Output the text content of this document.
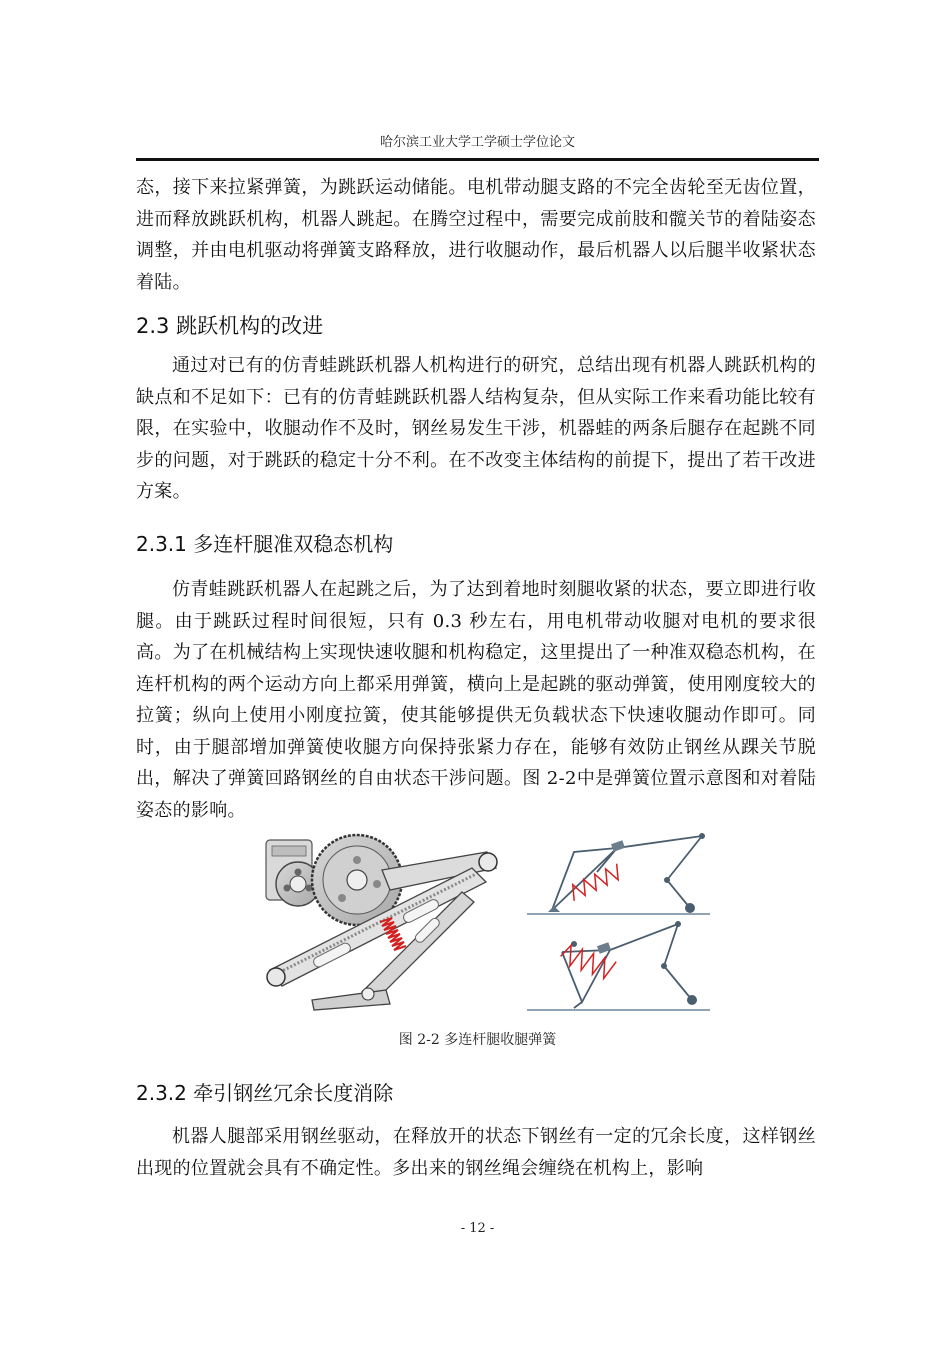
哈尔滨工业大学工学硕士学位论文

态，接下来拉紧弹簧，为跳跃运动储能。电机带动腿支路的不完全齿轮至无齿位置，进而释放跳跃机构，机器人跳起。在腾空过程中，需要完成前肢和髋关节的着陆姿态调整，并由电机驱动将弹簧支路释放，进行收腿动作，最后机器人以后腿半收紧状态着陆。

2.3 跳跃机构的改进

通过对已有的仿青蛙跳跃机器人机构进行的研究，总结出现有机器人跳跃机构的缺点和不足如下：已有的仿青蛙跳跃机器人结构复杂，但从实际工作来看功能比较有限，在实验中，收腿动作不及时，钢丝易发生干涉，机器蛙的两条后腿存在起跳不同步的问题，对于跳跃的稳定十分不利。在不改变主体结构的前提下，提出了若干改进方案。

2.3.1 多连杆腿准双稳态机构

仿青蛙跳跃机器人在起跳之后，为了达到着地时刻腿收紧的状态，要立即进行收腿。由于跳跃过程时间很短，只有 0.3 秒左右，用电机带动收腿对电机的要求很高。为了在机械结构上实现快速收腿和机构稳定，这里提出了一种准双稳态机构，在连杆机构的两个运动方向上都采用弹簧，横向上是起跳的驱动弹簧，使用刚度较大的拉簧；纵向上使用小刚度拉簧，使其能够提供无负载状态下快速收腿动作即可。同时，由于腿部增加弹簧使收腿方向保持张紧力存在，能够有效防止钢丝从踝关节脱出，解决了弹簧回路钢丝的自由状态干涉问题。图 2-2中是弹簧位置示意图和对着陆姿态的影响。

图 2-2 多连杆腿收腿弹簧
2.3.2 牵引钢丝冗余长度消除

机器人腿部采用钢丝驱动，在释放开的状态下钢丝有一定的冗余长度，这样钢丝出现的位置就会具有不确定性。多出来的钢丝绳会缠绕在机构上，影响

- 12 -
